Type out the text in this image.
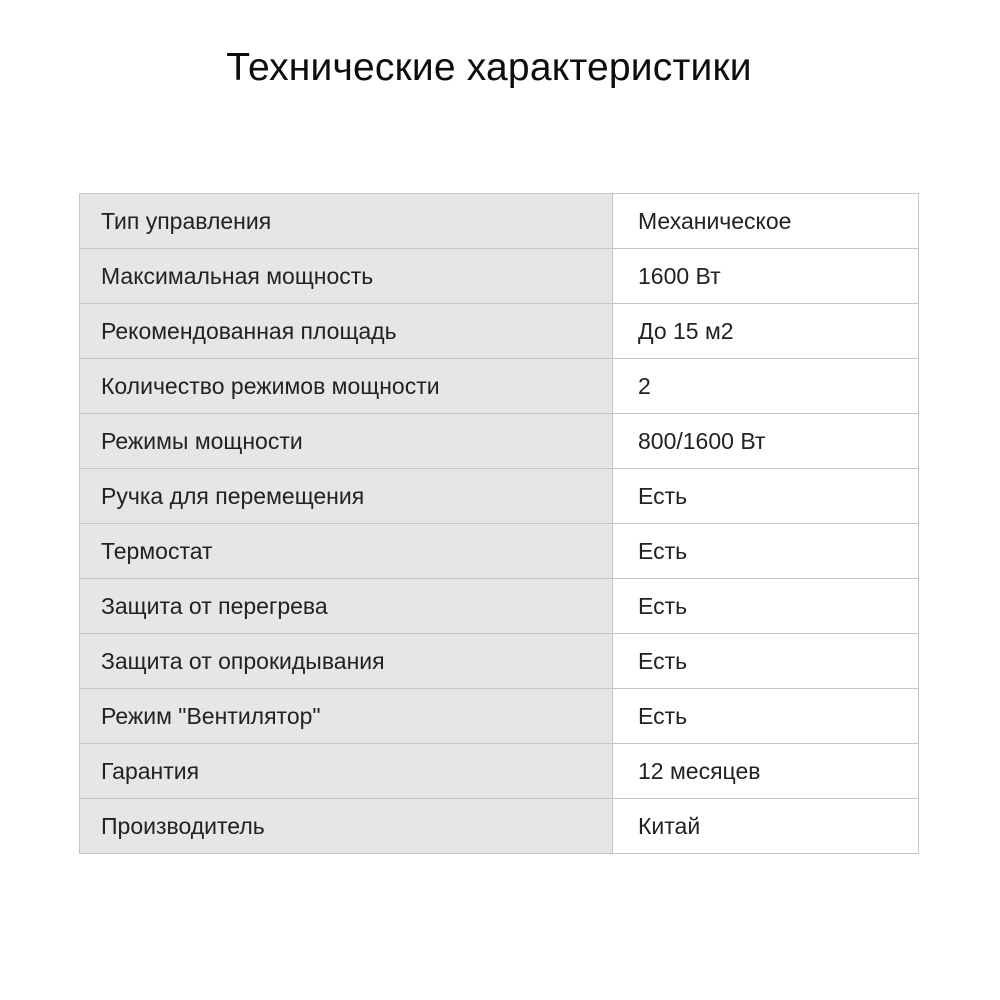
Технические характеристики
Тип управления	Механическое
Максимальная мощность	1600 Вт
Рекомендованная площадь	До 15 м2
Количество режимов мощности	2
Режимы мощности	800/1600 Вт
Ручка для перемещения	Есть
Термостат	Есть
Защита от перегрева	Есть
Защита от опрокидывания	Есть
Режим "Вентилятор"	Есть
Гарантия	12 месяцев
Производитель	Китай
